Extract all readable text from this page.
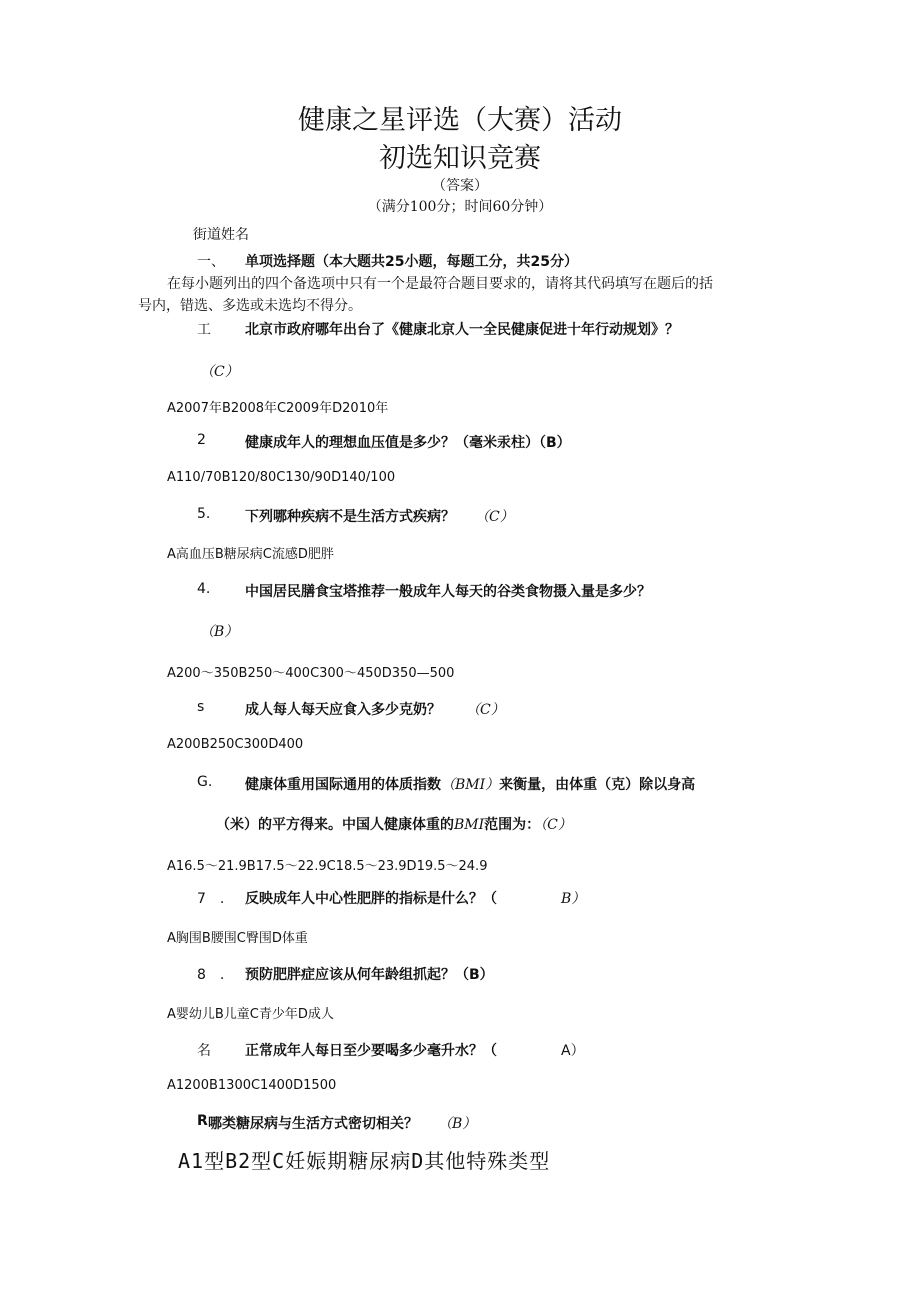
健康之星评选（大赛）活动
初选知识竞赛
（答案）
（满分100分；时间60分钟）
街道姓名
一、 单项选择题（本大题共25小题，每题工分，共25分）
在每小题列出的四个备选项中只有一个是最符合题目要求的，请将其代码填写在题后的括
号内，错选、多选或未选均不得分。
工 北京市政府哪年出台了《健康北京人一全民健康促进十年行动规划》？
（C）
A2007年B2008年C2009年D2010年
2	健康成年人的理想血压值是多少？（毫米汞柱）（B）
A110/70B120/80C130/90D140/100
5. 下列哪种疾病不是生活方式疾病？ （C）
A高血压B糖尿病C流感D肥胖
4. 中国居民膳食宝塔推荐一般成年人每天的谷类食物摄入量是多少？
（B）
A200～350B250～400C300～450D350—500
s	成人每人每天应食入多少克奶？ （C）
A200B250C300D400
G. 健康体重用国际通用的体质指数（BMI）来衡量，由体重（克）除以身高
（米）的平方得来。中国人健康体重的BMI范围为：（C）
A16.5～21.9B17.5～22.9C18.5～23.9D19.5～24.9
7　. 反映成年人中心性肥胖的指标是什么？（	B）
A胸围B腰围C臀围D体重
8　. 预防肥胖症应该从何年龄组抓起？（B）
A婴幼儿B儿童C青少年D成人
名 正常成年人每日至少要喝多少毫升水？（	A）
A1200B1300C1400D1500
R 哪类糖尿病与生活方式密切相关？ （B）
A1型B2型C妊娠期糖尿病D其他特殊类型
